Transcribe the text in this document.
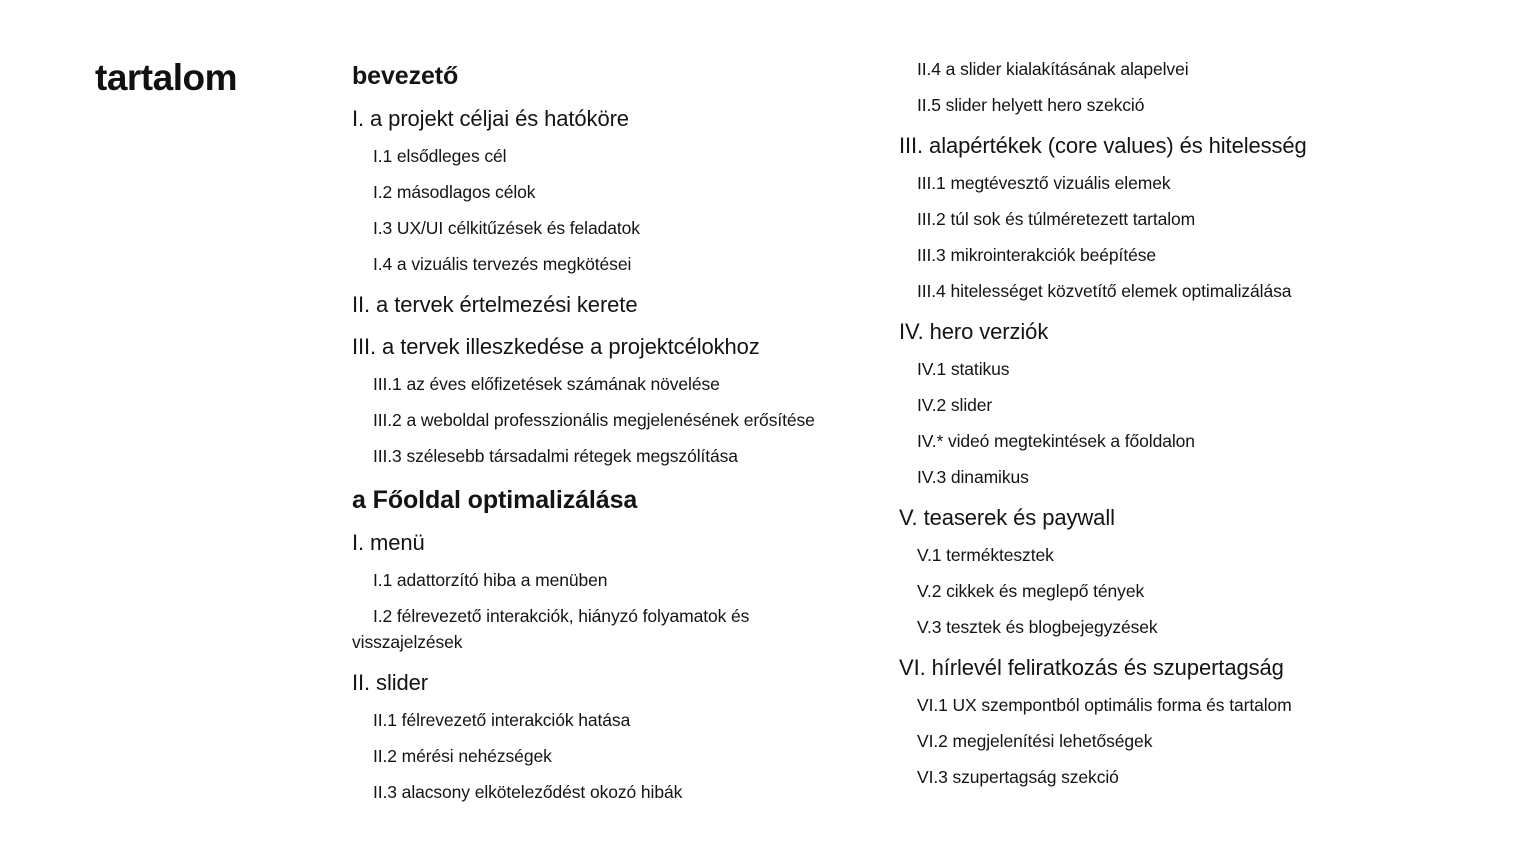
tartalom	bevezető

I. a projekt céljai és hatóköre

I.1 elsődleges cél

I.2 másodlagos célok

I.3 UX/UI célkitűzések és feladatok

I.4 a vizuális tervezés megkötései

II. a tervek értelmezési kerete

III. a tervek illeszkedése a projektcélokhoz

III.1 az éves előfizetések számának növelése

III.2 a weboldal professzionális megjelenésének erősítése

III.3 szélesebb társadalmi rétegek megszólítása

a Főoldal optimalizálása

I. menü

I.1 adattorzító hiba a menüben

I.2 félrevezető interakciók, hiányzó folyamatok és visszajelzések

II. slider

II.1 félrevezető interakciók hatása

II.2 mérési nehézségek

II.3 alacsony elköteleződést okozó hibák

II.4 a slider kialakításának alapelvei

II.5 slider helyett hero szekció

III. alapértékek (core values) és hitelesség

III.1 megtévesztő vizuális elemek

III.2 túl sok és túlméretezett tartalom

III.3 mikrointerakciók beépítése

III.4 hitelességet közvetítő elemek optimalizálása

IV. hero verziók

IV.1 statikus

IV.2 slider

IV.* videó megtekintések a főoldalon

IV.3 dinamikus

V. teaserek és paywall

V.1 terméktesztek

V.2 cikkek és meglepő tények

V.3 tesztek és blogbejegyzések

VI. hírlevél feliratkozás és szupertagság

VI.1 UX szempontból optimális forma és tartalom

VI.2 megjelenítési lehetőségek

VI.3 szupertagság szekció
